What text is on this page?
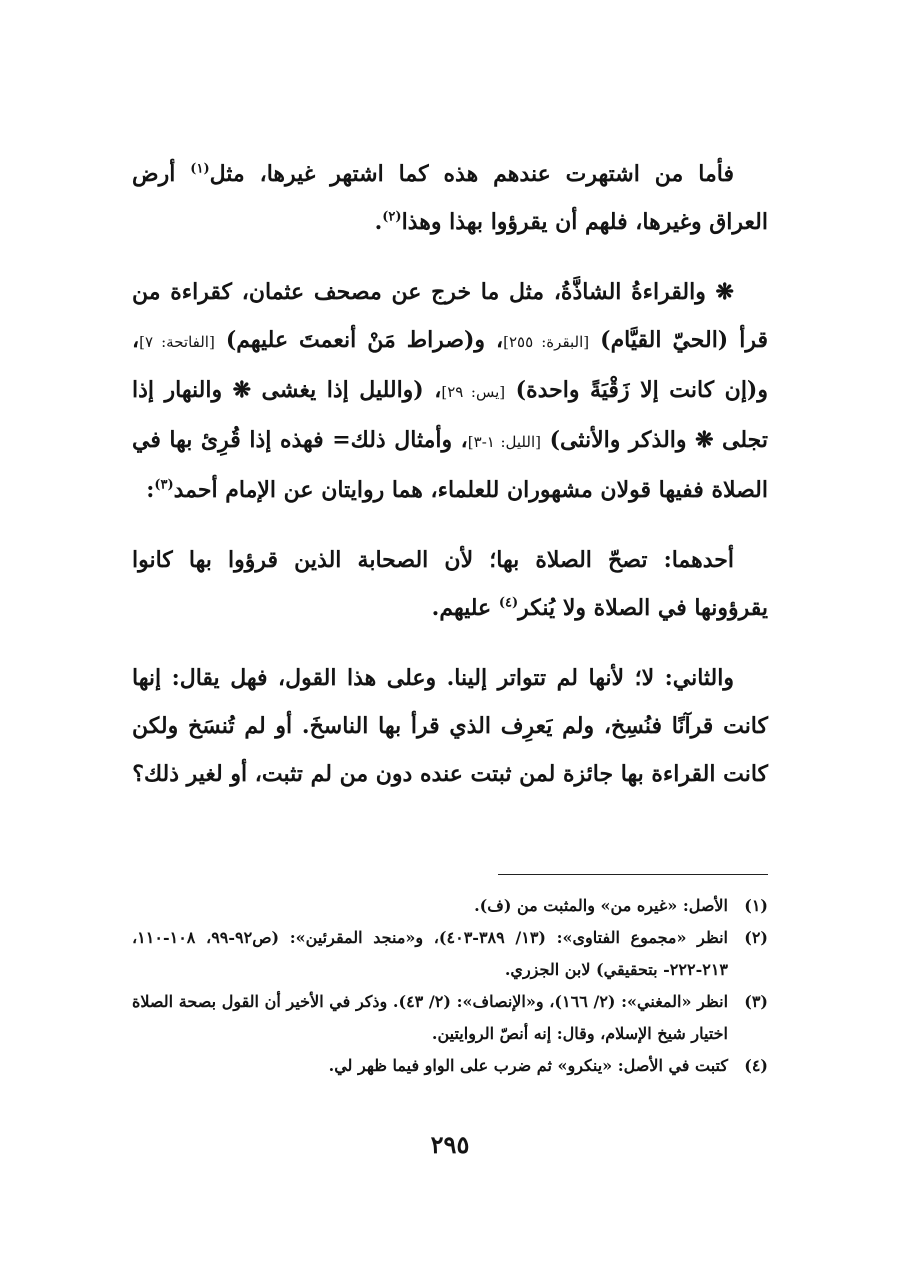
فأما من اشتهرت عندهم هذه كما اشتهر غيرها، مثل$^{(١)}$ أرض العراق وغيرها، فلهم أن يقرؤوا بهذا وهذا$^{(٢)}$.

❋ والقراءةُ الشاذَّةُ، مثل ما خرج عن مصحف عثمان، كقراءة من قرأ (الحيّ القيَّام) [البقرة: ٢٥٥]، و(صراط مَنْ أنعمتَ عليهم) [الفاتحة: ٧]، و(إن كانت إلا زَقْيَةً واحدة) [يس: ٢٩]، (والليل إذا يغشى ❋ والنهار إذا تجلى ❋ والذكر والأنثى) [الليل: ١-٣]، وأمثال ذلك= فهذه إذا قُرِئ بها في الصلاة ففيها قولان مشهوران للعلماء، هما روايتان عن الإمام أحمد$^{(٣)}$:

أحدهما: تصحّ الصلاة بها؛ لأن الصحابة الذين قرؤوا بها كانوا يقرؤونها في الصلاة ولا يُنكر$^{(٤)}$ عليهم.

والثاني: لا؛ لأنها لم تتواتر إلينا. وعلى هذا القول، فهل يقال: إنها كانت قرآنًا فنُسِخ، ولم يَعرِف الذي قرأ بها الناسخَ. أو لم تُنسَخ ولكن كانت القراءة بها جائزة لمن ثبتت عنده دون من لم تثبت، أو لغير ذلك؟

(١)
الأصل: «غيره من» والمثبت من (ف).
(٢)
انظر «مجموع الفتاوى»: (١٣/ ٣٨٩-٤٠٣)، و«منجد المقرئين»: (ص٩٢-٩٩، ١٠٨-١١٠، ٢١٣-٢٢٢- بتحقيقي) لابن الجزري.
(٣)
انظر «المغني»: (٢/ ١٦٦)، و«الإنصاف»: (٢/ ٤٣). وذكر في الأخير أن القول بصحة الصلاة اختيار شيخ الإسلام، وقال: إنه أنصّ الروايتين.
(٤)
كتبت في الأصل: «ينكرو» ثم ضرب على الواو فيما ظهر لي.
٢٩٥
